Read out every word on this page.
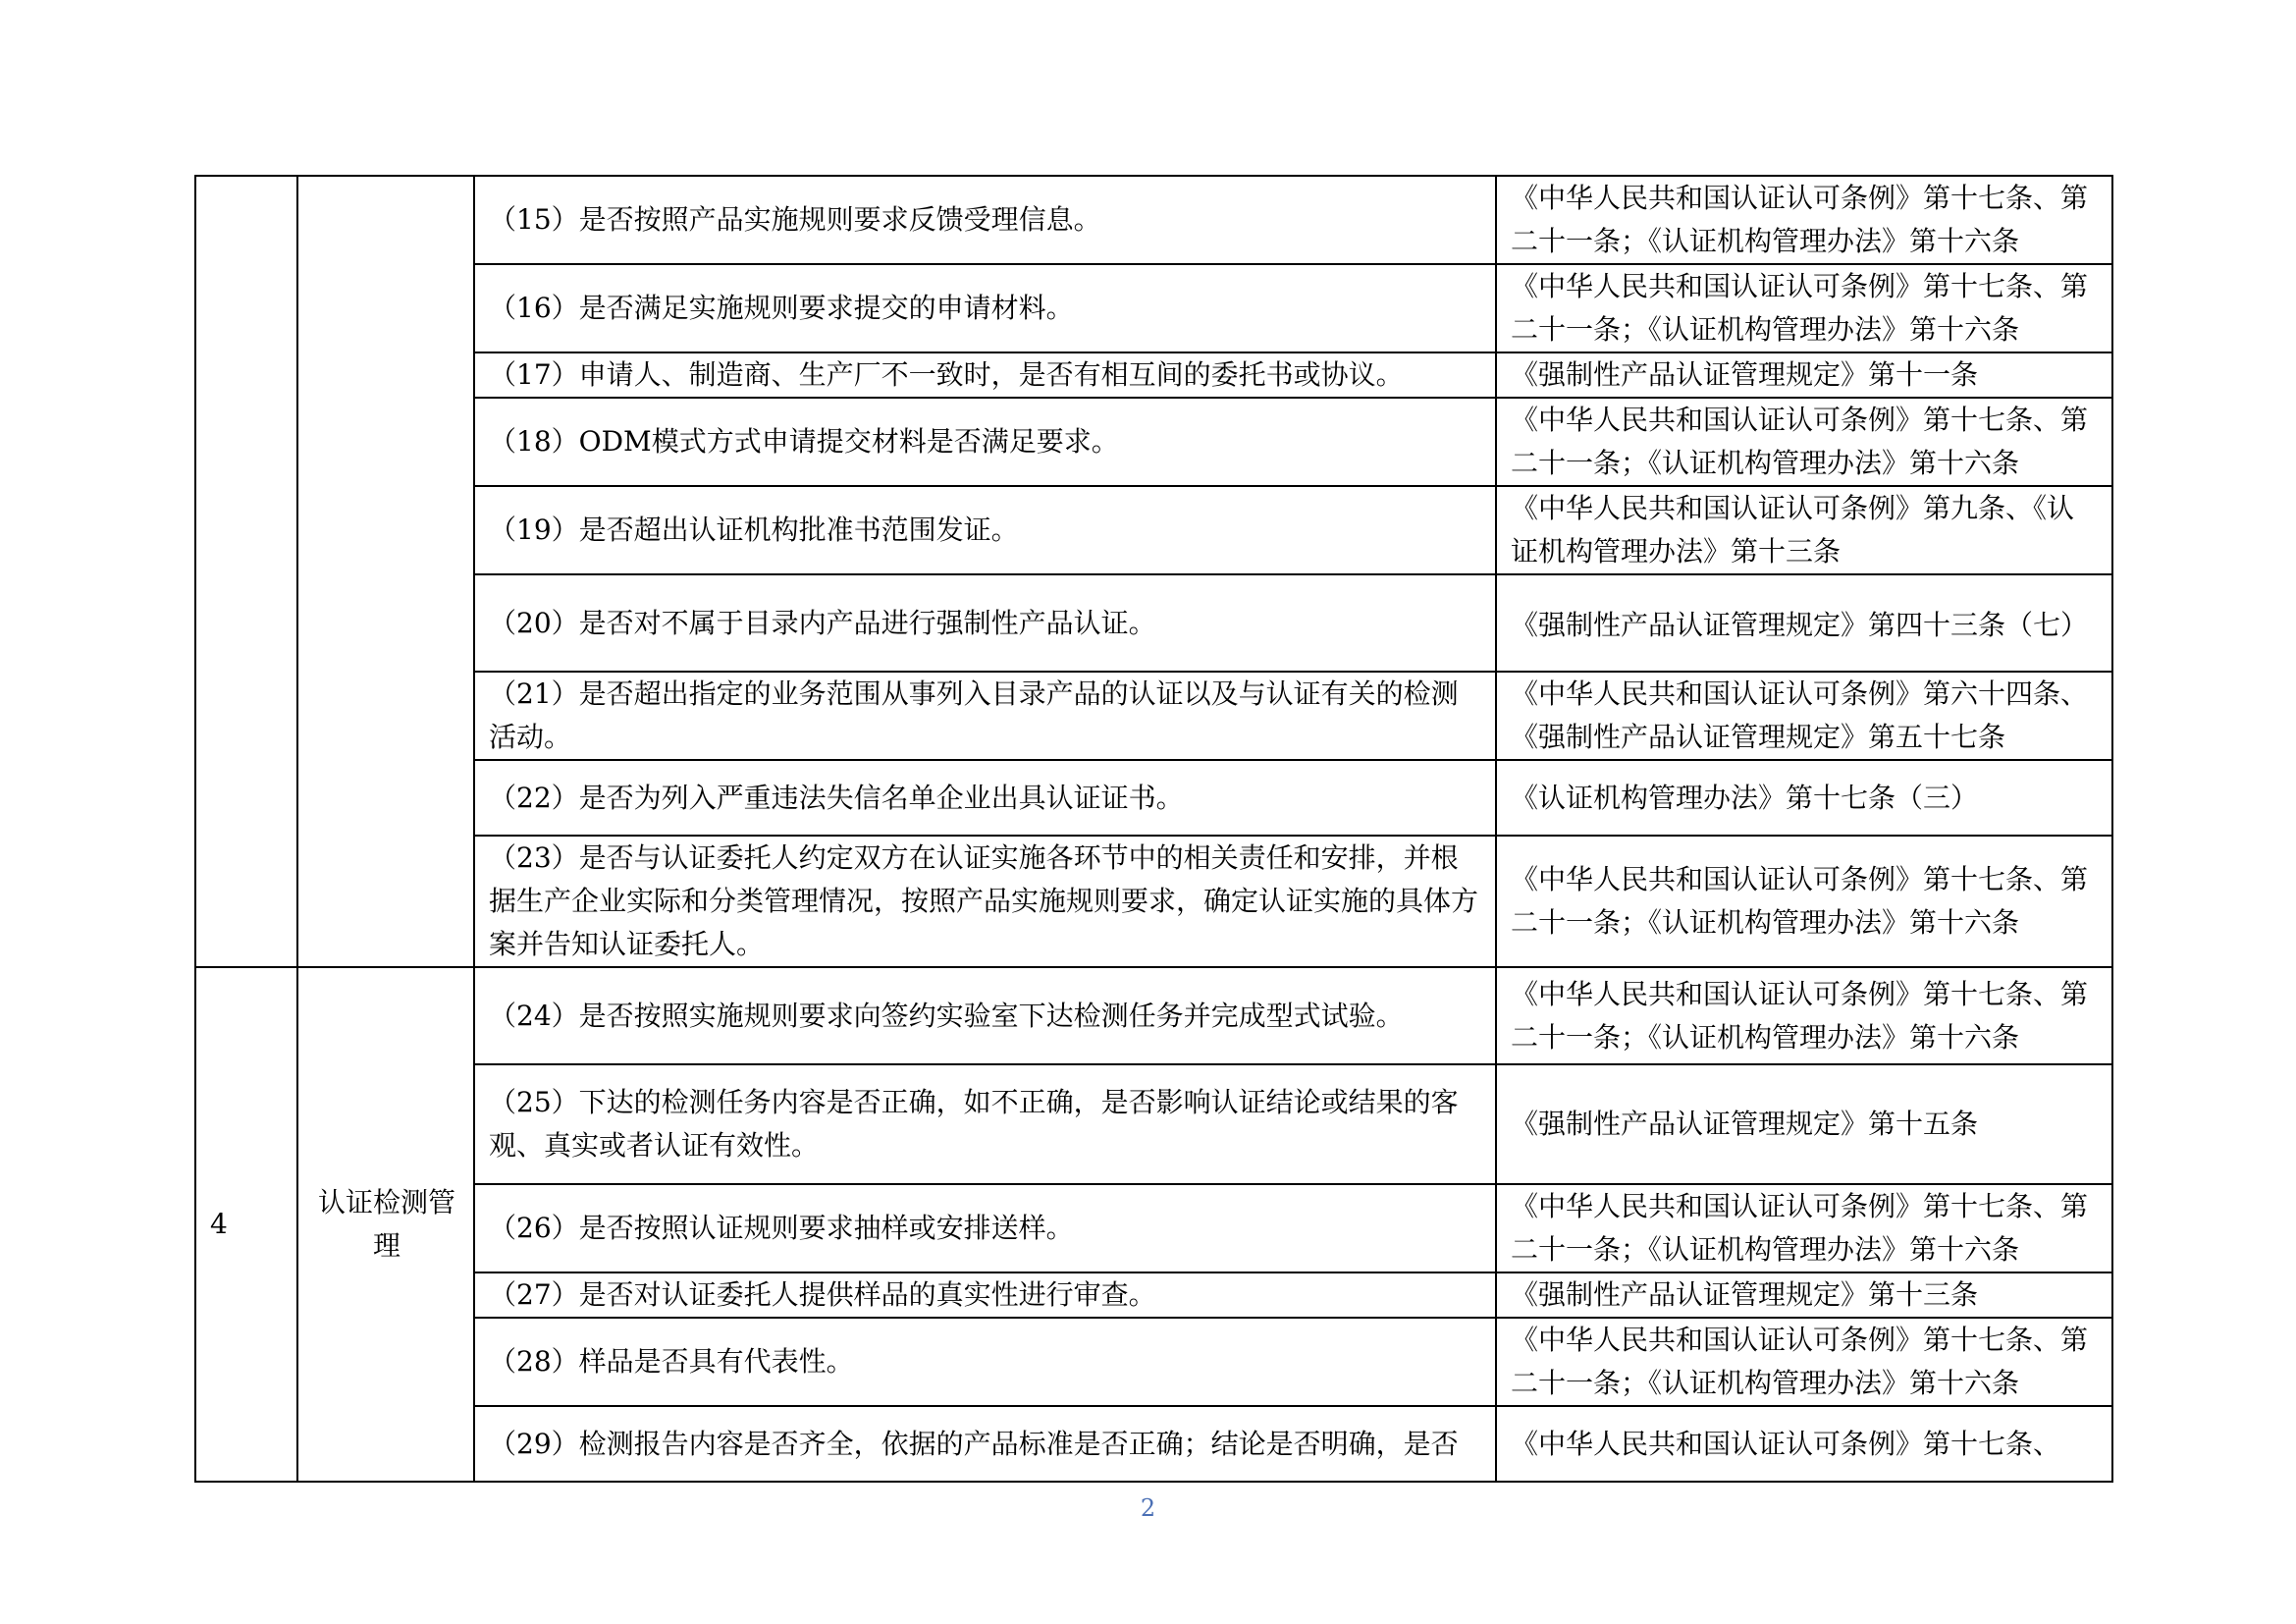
		（15）是否按照产品实施规则要求反馈受理信息。	《中华人民共和国认证认可条例》第十七条、第二十一条；《认证机构管理办法》第十六条
		（16）是否满足实施规则要求提交的申请材料。	《中华人民共和国认证认可条例》第十七条、第二十一条；《认证机构管理办法》第十六条
		（17）申请人、制造商、生产厂不一致时，是否有相互间的委托书或协议。	《强制性产品认证管理规定》第十一条
		（18）ODM模式方式申请提交材料是否满足要求。	《中华人民共和国认证认可条例》第十七条、第二十一条；《认证机构管理办法》第十六条
		（19）是否超出认证机构批准书范围发证。	《中华人民共和国认证认可条例》第九条、《认证机构管理办法》第十三条
		（20）是否对不属于目录内产品进行强制性产品认证。	《强制性产品认证管理规定》第四十三条（七）
		（21）是否超出指定的业务范围从事列入目录产品的认证以及与认证有关的检测活动。	《中华人民共和国认证认可条例》第六十四条、《强制性产品认证管理规定》第五十七条
		（22）是否为列入严重违法失信名单企业出具认证证书。	《认证机构管理办法》第十七条（三）
		（23）是否与认证委托人约定双方在认证实施各环节中的相关责任和安排，并根据生产企业实际和分类管理情况，按照产品实施规则要求，确定认证实施的具体方案并告知认证委托人。	《中华人民共和国认证认可条例》第十七条、第二十一条；《认证机构管理办法》第十六条
4	认证检测管理	（24）是否按照实施规则要求向签约实验室下达检测任务并完成型式试验。	《中华人民共和国认证认可条例》第十七条、第二十一条；《认证机构管理办法》第十六条
		（25）下达的检测任务内容是否正确，如不正确，是否影响认证结论或结果的客观、真实或者认证有效性。	《强制性产品认证管理规定》第十五条
		（26）是否按照认证规则要求抽样或安排送样。	《中华人民共和国认证认可条例》第十七条、第二十一条；《认证机构管理办法》第十六条
		（27）是否对认证委托人提供样品的真实性进行审查。	《强制性产品认证管理规定》第十三条
		（28）样品是否具有代表性。	《中华人民共和国认证认可条例》第十七条、第二十一条；《认证机构管理办法》第十六条
		（29）检测报告内容是否齐全，依据的产品标准是否正确；结论是否明确，是否	《中华人民共和国认证认可条例》第十七条、
2
